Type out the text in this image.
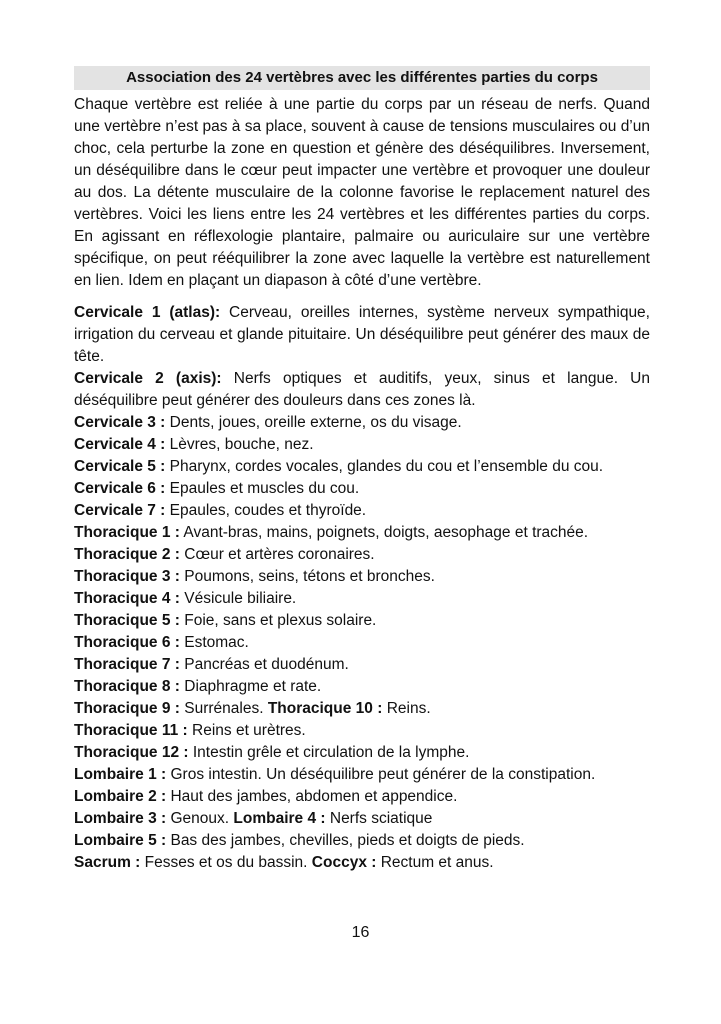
Association des 24 vertèbres avec les différentes parties du corps

Chaque vertèbre est reliée à une partie du corps par un réseau de nerfs. Quand une vertèbre n’est pas à sa place, souvent à cause de tensions musculaires ou d’un choc, cela perturbe la zone en question et génère des déséquilibres. Inversement, un déséquilibre dans le cœur peut impacter une vertèbre et provoquer une douleur au dos. La détente musculaire de la colonne favorise le replacement naturel des vertèbres. Voici les liens entre les 24 vertèbres et les différentes parties du corps. En agissant en réflexologie plantaire, palmaire ou auriculaire sur une vertèbre spécifique, on peut rééquilibrer la zone avec laquelle la vertèbre est naturellement en lien. Idem en plaçant un diapason à côté d’une vertèbre.

Cervicale 1 (atlas): Cerveau, oreilles internes, système nerveux sympathique, irrigation du cerveau et glande pituitaire. Un déséquilibre peut générer des maux de tête.

Cervicale 2 (axis): Nerfs optiques et auditifs, yeux, sinus et langue. Un déséquilibre peut générer des douleurs dans ces zones là.

Cervicale 3 : Dents, joues, oreille externe, os du visage.

Cervicale 4 : Lèvres, bouche, nez.

Cervicale 5 : Pharynx, cordes vocales, glandes du cou et l’ensemble du cou.

Cervicale 6 : Epaules et muscles du cou.

Cervicale 7 : Epaules, coudes et thyroïde.

Thoracique 1 : Avant-bras, mains, poignets, doigts, aesophage et trachée.

Thoracique 2 : Cœur et artères coronaires.

Thoracique 3 : Poumons, seins, tétons et bronches.

Thoracique 4 : Vésicule biliaire.

Thoracique 5 : Foie, sans et plexus solaire.

Thoracique 6 : Estomac.

Thoracique 7 : Pancréas et duodénum.

Thoracique 8 : Diaphragme et rate.

Thoracique 9 : Surrénales. Thoracique 10 : Reins.

Thoracique 11 : Reins et urètres.

Thoracique 12 : Intestin grêle et circulation de la lymphe.

Lombaire 1 : Gros intestin. Un déséquilibre peut générer de la constipation.

Lombaire 2 : Haut des jambes, abdomen et appendice.

Lombaire 3 : Genoux. Lombaire 4 : Nerfs sciatique

Lombaire 5 : Bas des jambes, chevilles, pieds et doigts de pieds.

Sacrum : Fesses et os du bassin. Coccyx : Rectum et anus.

16
